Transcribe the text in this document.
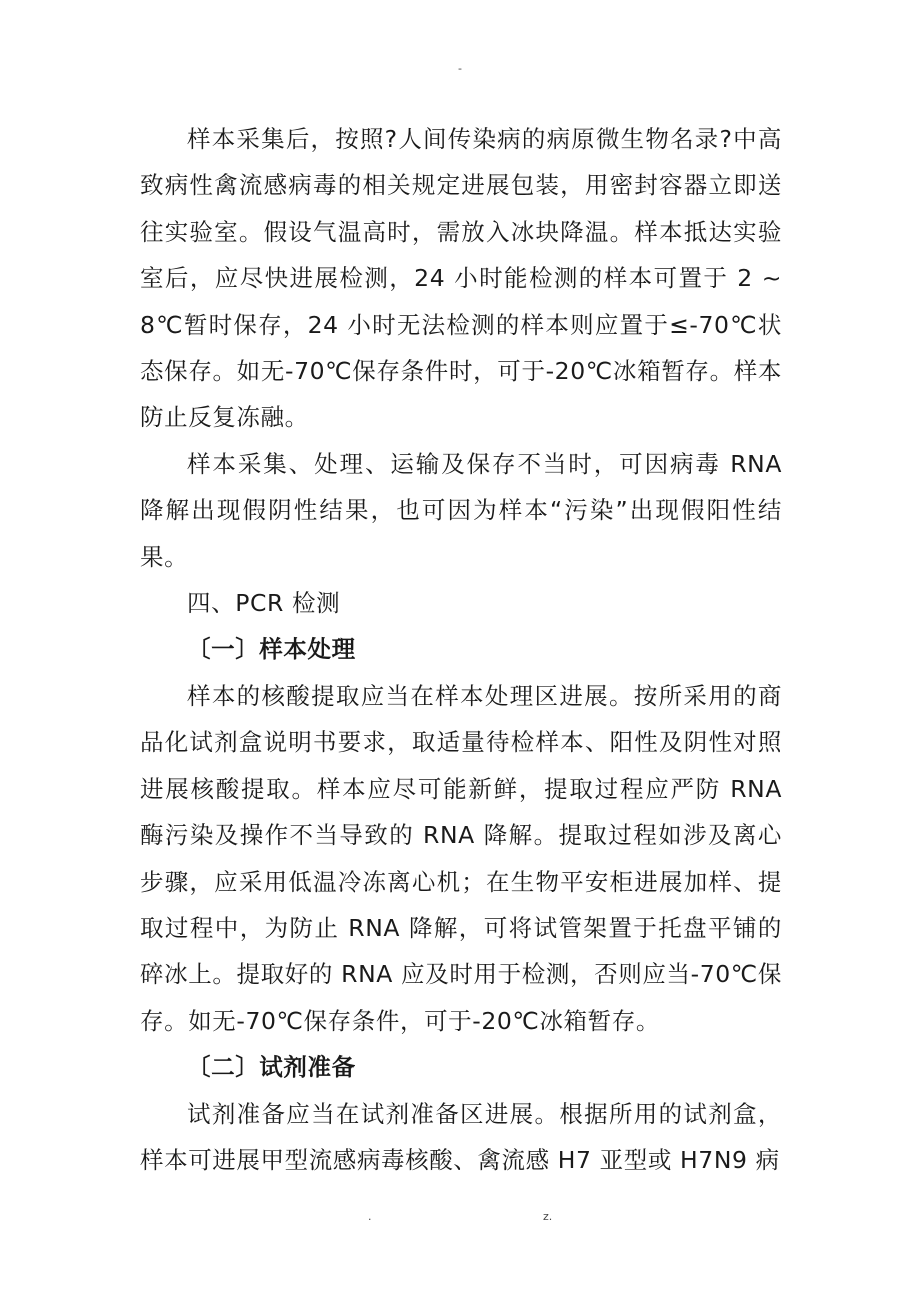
-

样本采集后，按照?人间传染病的病原微生物名录?中高致病性禽流感病毒的相关规定进展包装，用密封容器立即送往实验室。假设气温高时，需放入冰块降温。样本抵达实验室后，应尽快进展检测，24 小时能检测的样本可置于 2 ~ 8℃暂时保存，24 小时无法检测的样本则应置于≤-70℃状态保存。如无-70℃保存条件时，可于-20℃冰箱暂存。样本防止反复冻融。

样本采集、处理、运输及保存不当时，可因病毒 RNA 降解出现假阴性结果，也可因为样本“污染”出现假阳性结果。

四、PCR 检测

〔一〕样本处理

样本的核酸提取应当在样本处理区进展。按所采用的商品化试剂盒说明书要求，取适量待检样本、阳性及阴性对照进展核酸提取。样本应尽可能新鲜，提取过程应严防 RNA 酶污染及操作不当导致的 RNA 降解。提取过程如涉及离心步骤，应采用低温冷冻离心机；在生物平安柜进展加样、提取过程中，为防止 RNA 降解，可将试管架置于托盘平铺的碎冰上。提取好的 RNA 应及时用于检测，否则应当-70℃保存。如无-70℃保存条件，可于-20℃冰箱暂存。

〔二〕试剂准备

试剂准备应当在试剂准备区进展。根据所用的试剂盒，样本可进展甲型流感病毒核酸、禽流感 H7 亚型或 H7N9 病

.	z.
